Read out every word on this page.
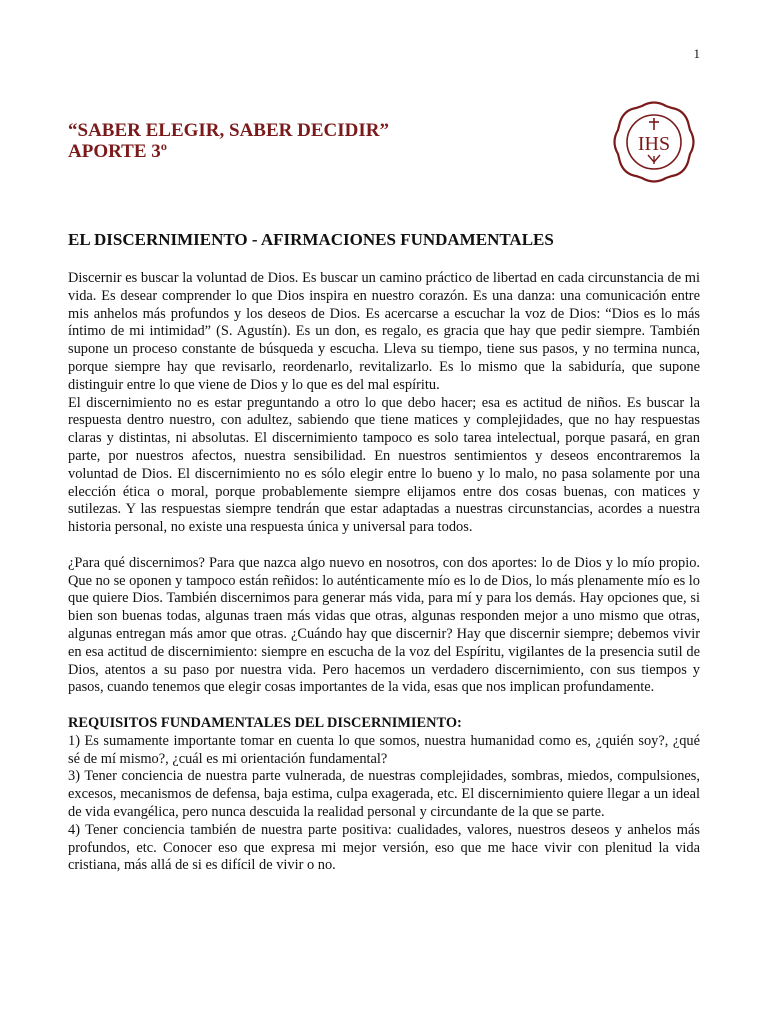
1
“SABER ELEGIR, SABER DECIDIR”
APORTE 3º	IHS
EL DISCERNIMIENTO - AFIRMACIONES FUNDAMENTALES

Discernir es buscar la voluntad de Dios. Es buscar un camino práctico de libertad en cada circunstancia de mi vida. Es desear comprender lo que Dios inspira en nuestro corazón. Es una danza: una comunicación entre mis anhelos más profundos y los deseos de Dios. Es acercarse a escuchar la voz de Dios: “Dios es lo más íntimo de mi intimidad” (S. Agustín). Es un don, es regalo, es gracia que hay que pedir siempre. También supone un proceso constante de búsqueda y escucha. Lleva su tiempo, tiene sus pasos, y no termina nunca, porque siempre hay que revisarlo, reordenarlo, revitalizarlo. Es lo mismo que la sabiduría, que supone distinguir entre lo que viene de Dios y lo que es del mal espíritu.

El discernimiento no es estar preguntando a otro lo que debo hacer; esa es actitud de niños. Es buscar la respuesta dentro nuestro, con adultez, sabiendo que tiene matices y complejidades, que no hay respuestas claras y distintas, ni absolutas. El discernimiento tampoco es solo tarea intelectual, porque pasará, en gran parte, por nuestros afectos, nuestra sensibilidad. En nuestros sentimientos y deseos encontraremos la voluntad de Dios. El discernimiento no es sólo elegir entre lo bueno y lo malo, no pasa solamente por una elección ética o moral, porque probablemente siempre elijamos entre dos cosas buenas, con matices y sutilezas. Y las respuestas siempre tendrán que estar adaptadas a nuestras circunstancias, acordes a nuestra historia personal, no existe una respuesta única y universal para todos.

¿Para qué discernimos? Para que nazca algo nuevo en nosotros, con dos aportes: lo de Dios y lo mío propio. Que no se oponen y tampoco están reñidos: lo auténticamente mío es lo de Dios, lo más plenamente mío es lo que quiere Dios. También discernimos para generar más vida, para mí y para los demás. Hay opciones que, si bien son buenas todas, algunas traen más vidas que otras, algunas responden mejor a uno mismo que otras, algunas entregan más amor que otras. ¿Cuándo hay que discernir? Hay que discernir siempre; debemos vivir en esa actitud de discernimiento: siempre en escucha de la voz del Espíritu, vigilantes de la presencia sutil de Dios, atentos a su paso por nuestra vida. Pero hacemos un verdadero discernimiento, con sus tiempos y pasos, cuando tenemos que elegir cosas importantes de la vida, esas que nos implican profundamente.

REQUISITOS FUNDAMENTALES DEL DISCERNIMIENTO:

1) Es sumamente importante tomar en cuenta lo que somos, nuestra humanidad como es, ¿quién soy?, ¿qué sé de mí mismo?, ¿cuál es mi orientación fundamental?

3) Tener conciencia de nuestra parte vulnerada, de nuestras complejidades, sombras, miedos, compulsiones, excesos, mecanismos de defensa, baja estima, culpa exagerada, etc. El discernimiento quiere llegar a un ideal de vida evangélica, pero nunca descuida la realidad personal y circundante de la que se parte.

4) Tener conciencia también de nuestra parte positiva: cualidades, valores, nuestros deseos y anhelos más profundos, etc. Conocer eso que expresa mi mejor versión, eso que me hace vivir con plenitud la vida cristiana, más allá de si es difícil de vivir o no.
